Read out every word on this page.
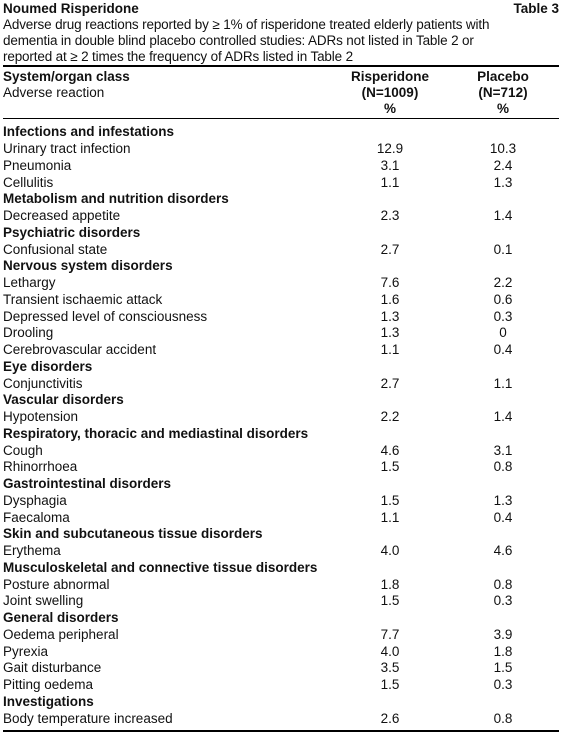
Noumed Risperidone	Table 3
Adverse drug reactions reported by ≥ 1% of risperidone treated elderly patients with
dementia in double blind placebo controlled studies: ADRs not listed in Table 2 or
reported at ≥ 2 times the frequency of ADRs listed in Table 2
System/organ class
Adverse reaction
Risperidone
(N=1009)
%
Placebo
(N=712)
%
Infections and infestations
Urinary tract infection	12.9	10.3
Pneumonia	3.1	2.4
Cellulitis	1.1	1.3
Metabolism and nutrition disorders
Decreased appetite	2.3	1.4
Psychiatric disorders
Confusional state	2.7	0.1
Nervous system disorders
Lethargy	7.6	2.2
Transient ischaemic attack	1.6	0.6
Depressed level of consciousness	1.3	0.3
Drooling	1.3	0
Cerebrovascular accident	1.1	0.4
Eye disorders
Conjunctivitis	2.7	1.1
Vascular disorders
Hypotension	2.2	1.4
Respiratory, thoracic and mediastinal disorders
Cough	4.6	3.1
Rhinorrhoea	1.5	0.8
Gastrointestinal disorders
Dysphagia	1.5	1.3
Faecaloma	1.1	0.4
Skin and subcutaneous tissue disorders
Erythema	4.0	4.6
Musculoskeletal and connective tissue disorders
Posture abnormal	1.8	0.8
Joint swelling	1.5	0.3
General disorders
Oedema peripheral	7.7	3.9
Pyrexia	4.0	1.8
Gait disturbance	3.5	1.5
Pitting oedema	1.5	0.3
Investigations
Body temperature increased	2.6	0.8
